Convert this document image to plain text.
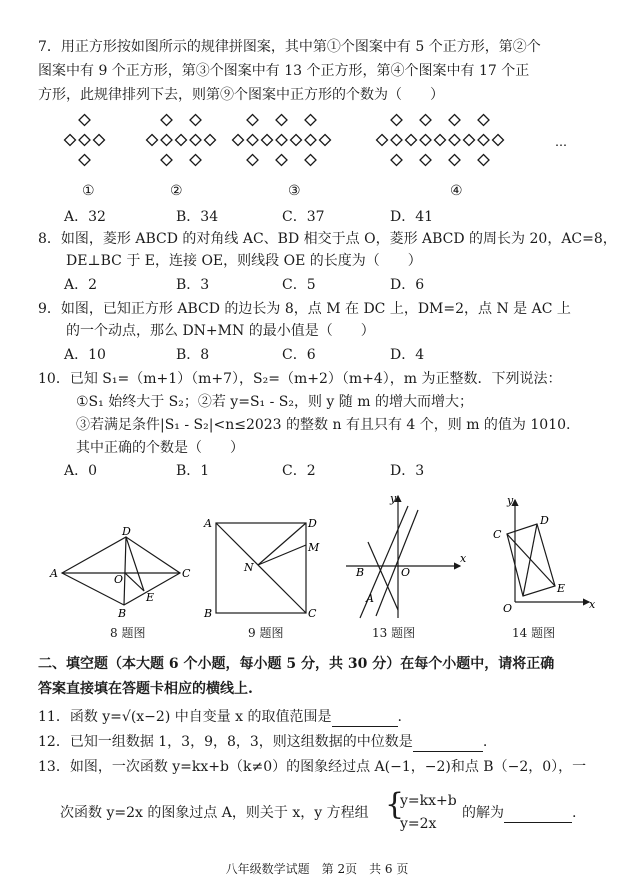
7．用正方形按如图所示的规律拼图案，其中第①个图案中有 5 个正方形，第②个
图案中有 9 个正方形，第③个图案中有 13 个正方形，第④个图案中有 17 个正
方形，此规律排列下去，则第⑨个图案中正方形的个数为（　　）
…
①	②	③	④
A．32	B．34	C．37	D．41
8．如图，菱形 ABCD 的对角线 AC、BD 相交于点 O，菱形 ABCD 的周长为 20，AC=8，
DE⊥BC 于 E，连接 OE，则线段 OE 的长度为（　　）
A．2	B．3	C．5	D．6
9．如图，已知正方形 ABCD 的边长为 8，点 M 在 DC 上，DM=2，点 N 是 AC 上
的一个动点，那么 DN+MN 的最小值是（　　）
A．10	B．8	C．6	D．4
10．已知 S₁=（m+1）（m+7），S₂=（m+2）（m+4），m 为正整数．下列说法：
①S₁ 始终大于 S₂；②若 y=S₁ - S₂，则 y 随 m 的增大而增大；
③若满足条件|S₁ - S₂|<n≤2023 的整数 n 有且只有 4 个，则 m 的值为 1010.
其中正确的个数是（　　）
A．0	B．1	C．2	D．3
A
B
C
D
O
E
8 题图
A
B	C
D
M
N
9 题图
y
x
A
B	O
13 题图
y
x
C
D
E
O
14 题图
二、填空题（本大题 6 个小题，每小题 5 分，共 30 分）在每个小题中，请将正确
答案直接填在答题卡相应的横线上.
11．函数 y=√(x−2) 中自变量 x 的取值范围是	.
12．已知一组数据 1，3，9，8，3，则这组数据的中位数是	.
13．如图，一次函数 y=kx+b（k≠0）的图象经过点 A(−1，−2)和点 B（−2，0），一
次函数 y=2x 的图象过点 A，则关于 x，y 方程组 {
y=kx+b
y=2x
的解为	.
八年级数学试题　第 2页　共 6 页
